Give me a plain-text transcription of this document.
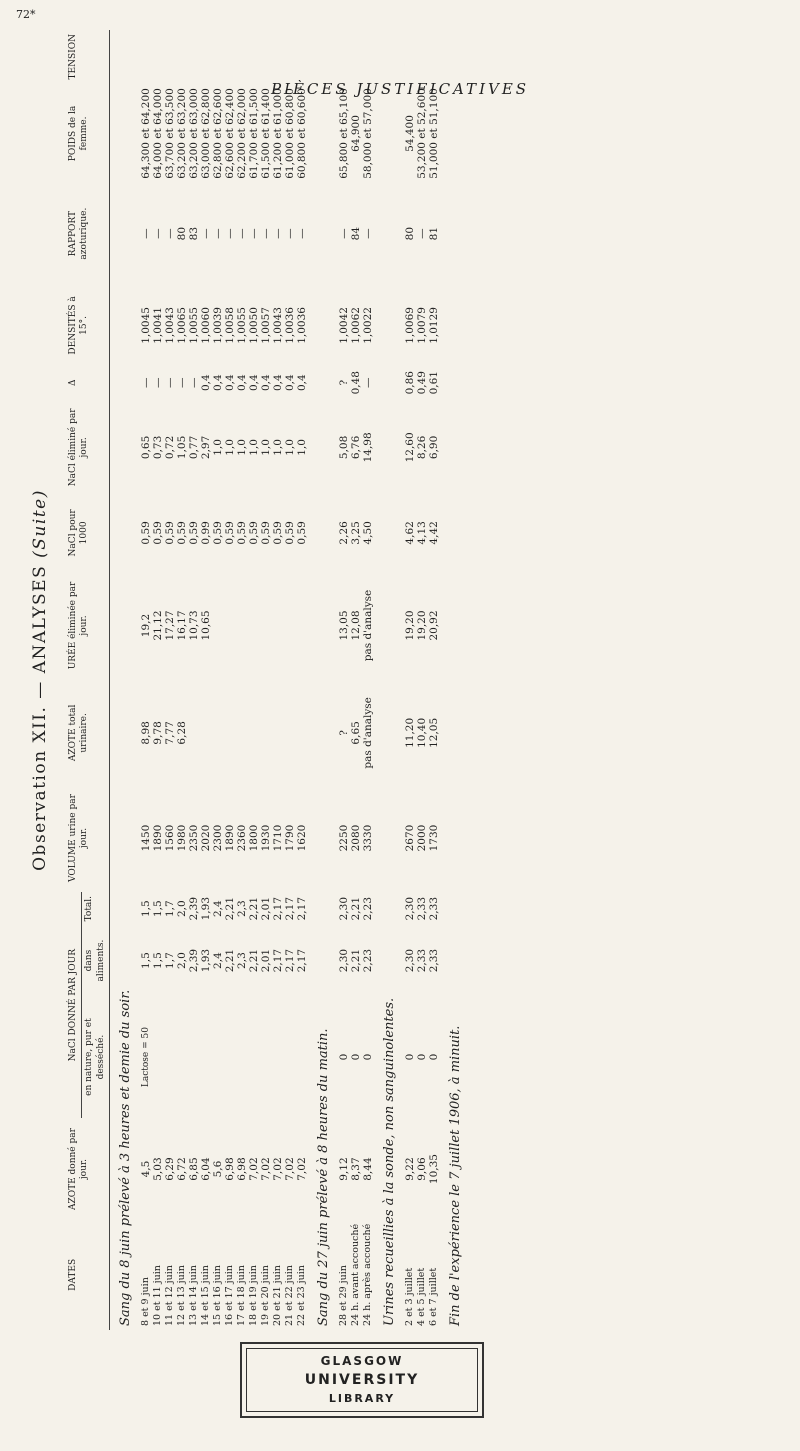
72*
PIÈCES JUSTIFICATIVES
Observation XII. — ANALYSES (Suite)
DATES	AZOTE donné par jour.	NaCl DONNÉ PAR JOUR			VOLUME urine par jour.	AZOTE total urinaire.	URÉE éliminée par jour.	NaCl pour 1000	NaCl éliminé par jour.	Δ	DENSITÉS à 15°.	RAPPORT azoturique.	POIDS de la femme.	TENSION
		en nature, pur et desséché.	dans aliments.	Total.										
Sang du 8 juin prélevé à 3 heures et demie du soir.														
8 et 9 juin	4,5	Lactose = 50	1,5	1,5	1450	8,98	19,2	0,59	0,65	—	1,0045	—	64,300 et 64,200	
10 et 11 juin	5,03		1,5	1,5	1890	9,78	21,12	0,59	0,73	—	1,0041	—	64,000 et 64,000	
11 et 12 juin	6,29		1,7	1,7	1560	7,77	17,27	0,59	0,72	—	1,0043	—	63,700 et 63,500	
12 et 13 juin	6,72		2,0	2,0	1980	6,28	16,17	0,59	1,05	—	1,0065	80	63,200 et 63,200	
13 et 14 juin	6,85		2,39	2,39	2350		10,73	0,59	0,77	—	1,0055	83	63,200 et 63,000	
14 et 15 juin	6,04		1,93	1,93	2020		10,65	0,99	2,97	0,4	1,0060	—	63,000 et 62,800	
15 et 16 juin	5,6		2,4	2,4	2300			0,59	1,0	0,4	1,0039	—	62,800 et 62,600	
16 et 17 juin	6,98		2,21	2,21	1890			0,59	1,0	0,4	1,0058	—	62,600 et 62,400	
17 et 18 juin	6,98		2,3	2,3	2360			0,59	1,0	0,4	1,0055	—	62,200 et 62,000	
18 et 19 juin	7,02		2,21	2,21	1800			0,59	1,0	0,4	1,0050	—	61,700 et 61,500	
19 et 20 juin	7,02		2,01	2,01	1930			0,59	1,0	0,4	1,0057	—	61,500 et 61,400	
20 et 21 juin	7,02		2,17	2,17	1710			0,59	1,0	0,4	1,0043	—	61,200 et 61,000	
21 et 22 juin	7,02		2,17	2,17	1790			0,59	1,0	0,4	1,0036	—	61,000 et 60,800	
22 et 23 juin	7,02		2,17	2,17	1620			0,59	1,0	0,4	1,0036	—	60,800 et 60,600	
Sang du 27 juin prélevé à 8 heures du matin.														
28 et 29 juin	9,12	0	2,30	2,30	2250	?	13,05	2,26	5,08	?	1,0042	—	65,800 et 65,100	
24 h. avant accouché	8,37	0	2,21	2,21	2080	6,65	12,08	3,25	6,76	0,48	1,0062	84	64,900	
24 h. après accouché	8,44	0	2,23	2,23	3330	pas d'analyse	pas d'analyse	4,50	14,98	—	1,0022	—	58,000 et 57,000	
Urines recueillies à la sonde, non sanguinolentes.														
2 et 3 juillet	9,22	0	2,30	2,30	2670	11,20	19,20	4,62	12,60	0,86	1,0069	80	54,400	
4 et 5 juillet	9,06	0	2,33	2,33	2000	10,40	19,20	4,13	8,26	0,49	1,0079	—	53,200 et 52,600	
6 et 7 juillet	10,35	0	2,33	2,33	1730	12,05	20,92	4,42	6,90	0,61	1,0129	81	51,000 et 51,100	
Fin de l'expérience le 7 juillet 1906, à minuit.														
GLASGOW
UNIVERSITY
LIBRARY
